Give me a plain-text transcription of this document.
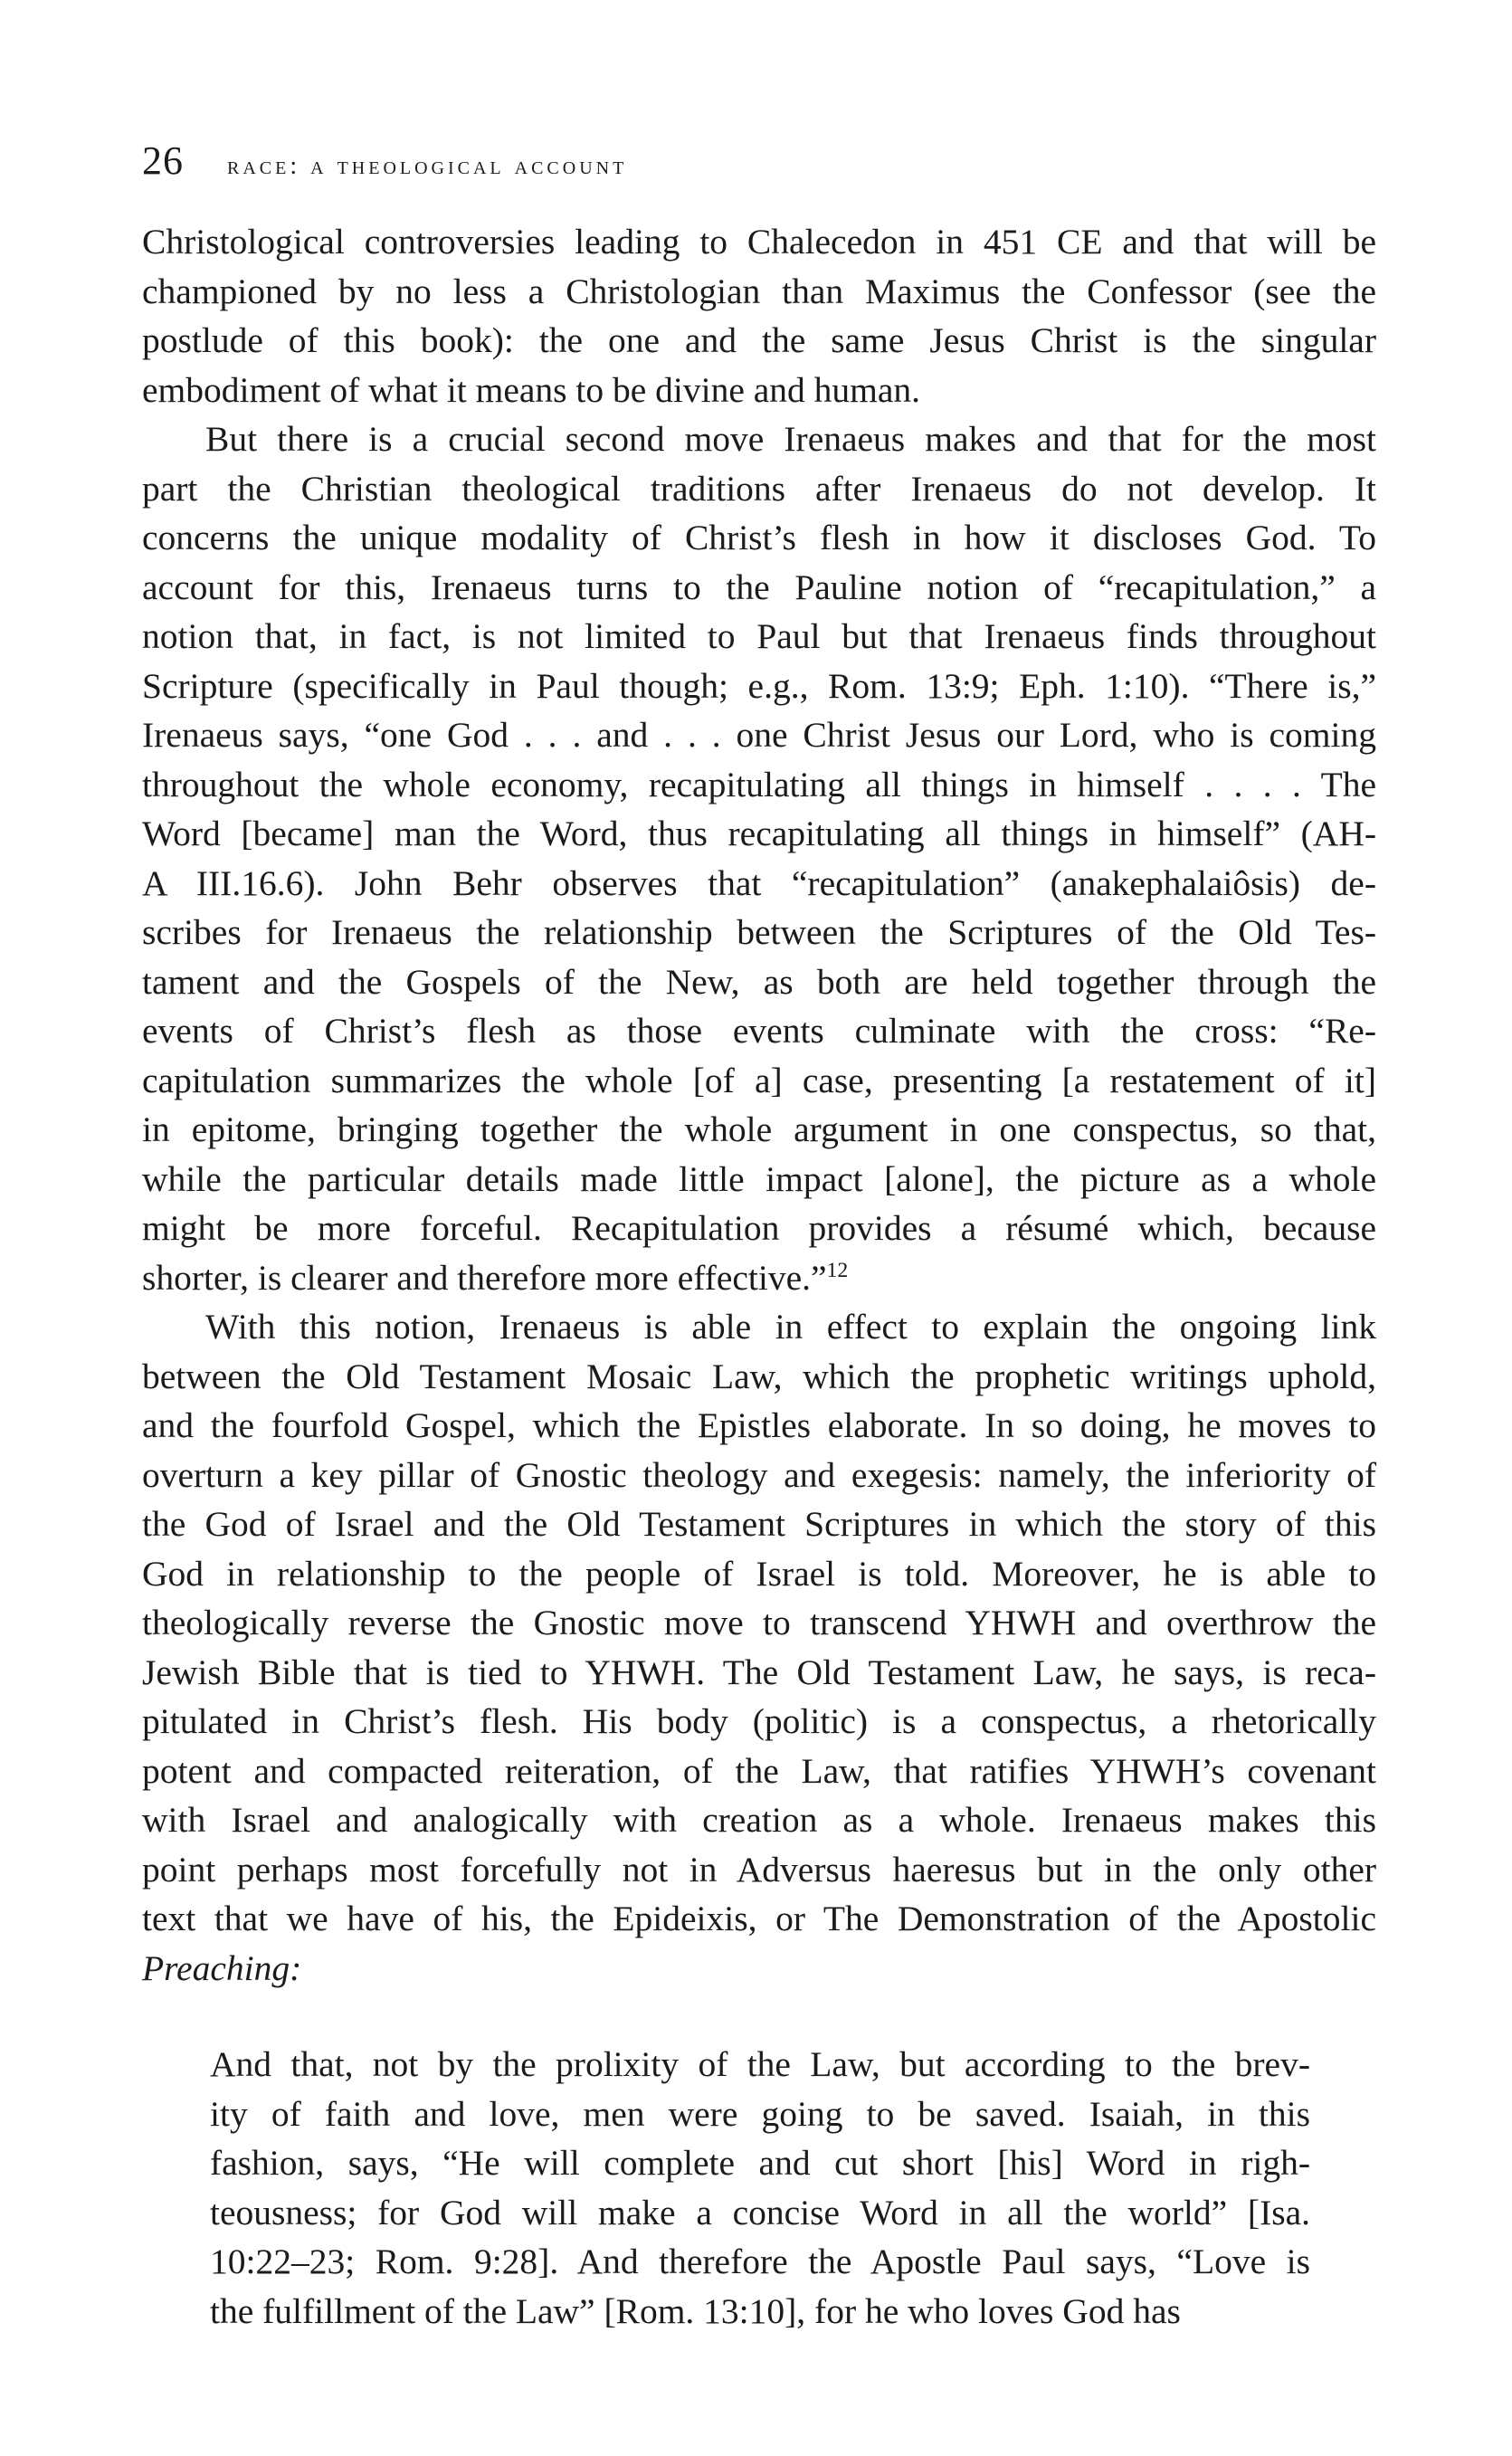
26 race: a theological account

Christological controversies leading to Chalecedon in 451 CE and that will be
championed by no less a Christologian than Maximus the Confessor (see the
postlude of this book): the one and the same Jesus Christ is the singular
embodiment of what it means to be divine and human.

But there is a crucial second move Irenaeus makes and that for the most
part the Christian theological traditions after Irenaeus do not develop. It
concerns the unique modality of Christ’s flesh in how it discloses God. To
account for this, Irenaeus turns to the Pauline notion of “recapitulation,” a
notion that, in fact, is not limited to Paul but that Irenaeus finds throughout
Scripture (specifically in Paul though; e.g., Rom. 13:9; Eph. 1:10). “There is,”
Irenaeus says, “one God . . . and . . . one Christ Jesus our Lord, who is coming
throughout the whole economy, recapitulating all things in himself . . . . The
Word [became] man the Word, thus recapitulating all things in himself” (AH-
A III.16.6). John Behr observes that “recapitulation” (anakephalaiôsis) de-
scribes for Irenaeus the relationship between the Scriptures of the Old Tes-
tament and the Gospels of the New, as both are held together through the
events of Christ’s flesh as those events culminate with the cross: “Re-
capitulation summarizes the whole [of a] case, presenting [a restatement of it]
in epitome, bringing together the whole argument in one conspectus, so that,
while the particular details made little impact [alone], the picture as a whole
might be more forceful. Recapitulation provides a résumé which, because
shorter, is clearer and therefore more effective.”$^{12}$

With this notion, Irenaeus is able in effect to explain the ongoing link
between the Old Testament Mosaic Law, which the prophetic writings uphold,
and the fourfold Gospel, which the Epistles elaborate. In so doing, he moves to
overturn a key pillar of Gnostic theology and exegesis: namely, the inferiority of
the God of Israel and the Old Testament Scriptures in which the story of this
God in relationship to the people of Israel is told. Moreover, he is able to
theologically reverse the Gnostic move to transcend YHWH and overthrow the
Jewish Bible that is tied to YHWH. The Old Testament Law, he says, is reca-
pitulated in Christ’s flesh. His body (politic) is a conspectus, a rhetorically
potent and compacted reiteration, of the Law, that ratifies YHWH’s covenant
with Israel and analogically with creation as a whole. Irenaeus makes this
point perhaps most forcefully not in Adversus haeresus but in the only other
text that we have of his, the Epideixis, or The Demonstration of the Apostolic
Preaching:

And that, not by the prolixity of the Law, but according to the brev-
ity of faith and love, men were going to be saved. Isaiah, in this
fashion, says, “He will complete and cut short [his] Word in righ-
teousness; for God will make a concise Word in all the world” [Isa.
10:22–23; Rom. 9:28]. And therefore the Apostle Paul says, “Love is
the fulfillment of the Law” [Rom. 13:10], for he who loves God has
